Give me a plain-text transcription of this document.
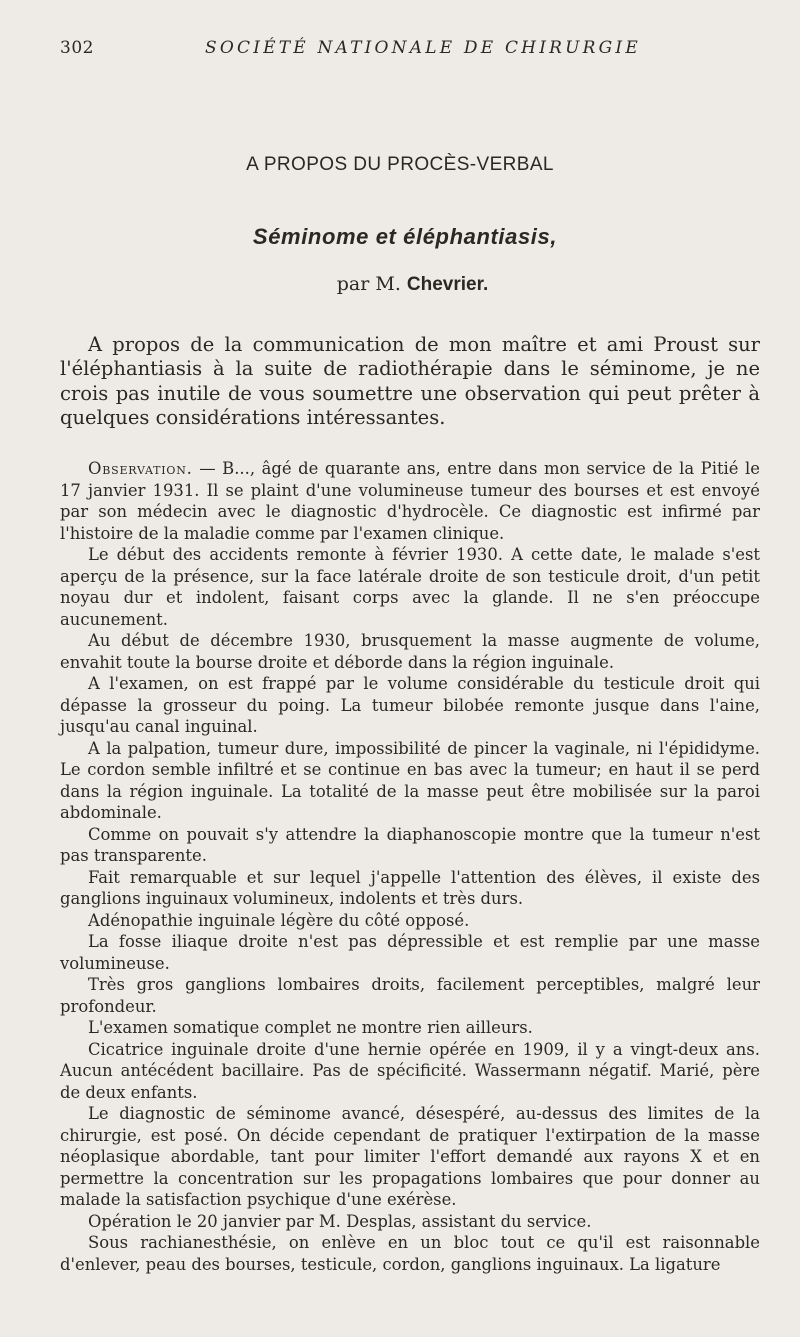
302	SOCIÉTÉ NATIONALE DE CHIRURGIE
A PROPOS DU PROCÈS-VERBAL
Séminome et éléphantiasis,
par M. Chevrier.

A propos de la communication de mon maître et ami Proust sur l'éléphantiasis à la suite de radiothérapie dans le séminome, je ne crois pas inutile de vous soumettre une observation qui peut prêter à quelques considérations intéressantes.

Observation. — B..., âgé de quarante ans, entre dans mon service de la Pitié le 17 janvier 1931. Il se plaint d'une volumineuse tumeur des bourses et est envoyé par son médecin avec le diagnostic d'hydrocèle. Ce diagnostic est infirmé par l'histoire de la maladie comme par l'examen clinique.

Le début des accidents remonte à février 1930. A cette date, le malade s'est aperçu de la présence, sur la face latérale droite de son testicule droit, d'un petit noyau dur et indolent, faisant corps avec la glande. Il ne s'en préoccupe aucunement.

Au début de décembre 1930, brusquement la masse augmente de volume, envahit toute la bourse droite et déborde dans la région inguinale.

A l'examen, on est frappé par le volume considérable du testicule droit qui dépasse la grosseur du poing. La tumeur bilobée remonte jusque dans l'aine, jusqu'au canal inguinal.

A la palpation, tumeur dure, impossibilité de pincer la vaginale, ni l'épididyme. Le cordon semble infiltré et se continue en bas avec la tumeur; en haut il se perd dans la région inguinale. La totalité de la masse peut être mobilisée sur la paroi abdominale.

Comme on pouvait s'y attendre la diaphanoscopie montre que la tumeur n'est pas transparente.

Fait remarquable et sur lequel j'appelle l'attention des élèves, il existe des ganglions inguinaux volumineux, indolents et très durs.

Adénopathie inguinale légère du côté opposé.

La fosse iliaque droite n'est pas dépressible et est remplie par une masse volumineuse.

Très gros ganglions lombaires droits, facilement perceptibles, malgré leur profondeur.

L'examen somatique complet ne montre rien ailleurs.

Cicatrice inguinale droite d'une hernie opérée en 1909, il y a vingt-deux ans. Aucun antécédent bacillaire. Pas de spécificité. Wassermann négatif. Marié, père de deux enfants.

Le diagnostic de séminome avancé, désespéré, au-dessus des limites de la chirurgie, est posé. On décide cependant de pratiquer l'extirpation de la masse néoplasique abordable, tant pour limiter l'effort demandé aux rayons X et en permettre la concentration sur les propagations lombaires que pour donner au malade la satisfaction psychique d'une exérèse.

Opération le 20 janvier par M. Desplas, assistant du service.

Sous rachianesthésie, on enlève en un bloc tout ce qu'il est raisonnable d'enlever, peau des bourses, testicule, cordon, ganglions inguinaux. La ligature
